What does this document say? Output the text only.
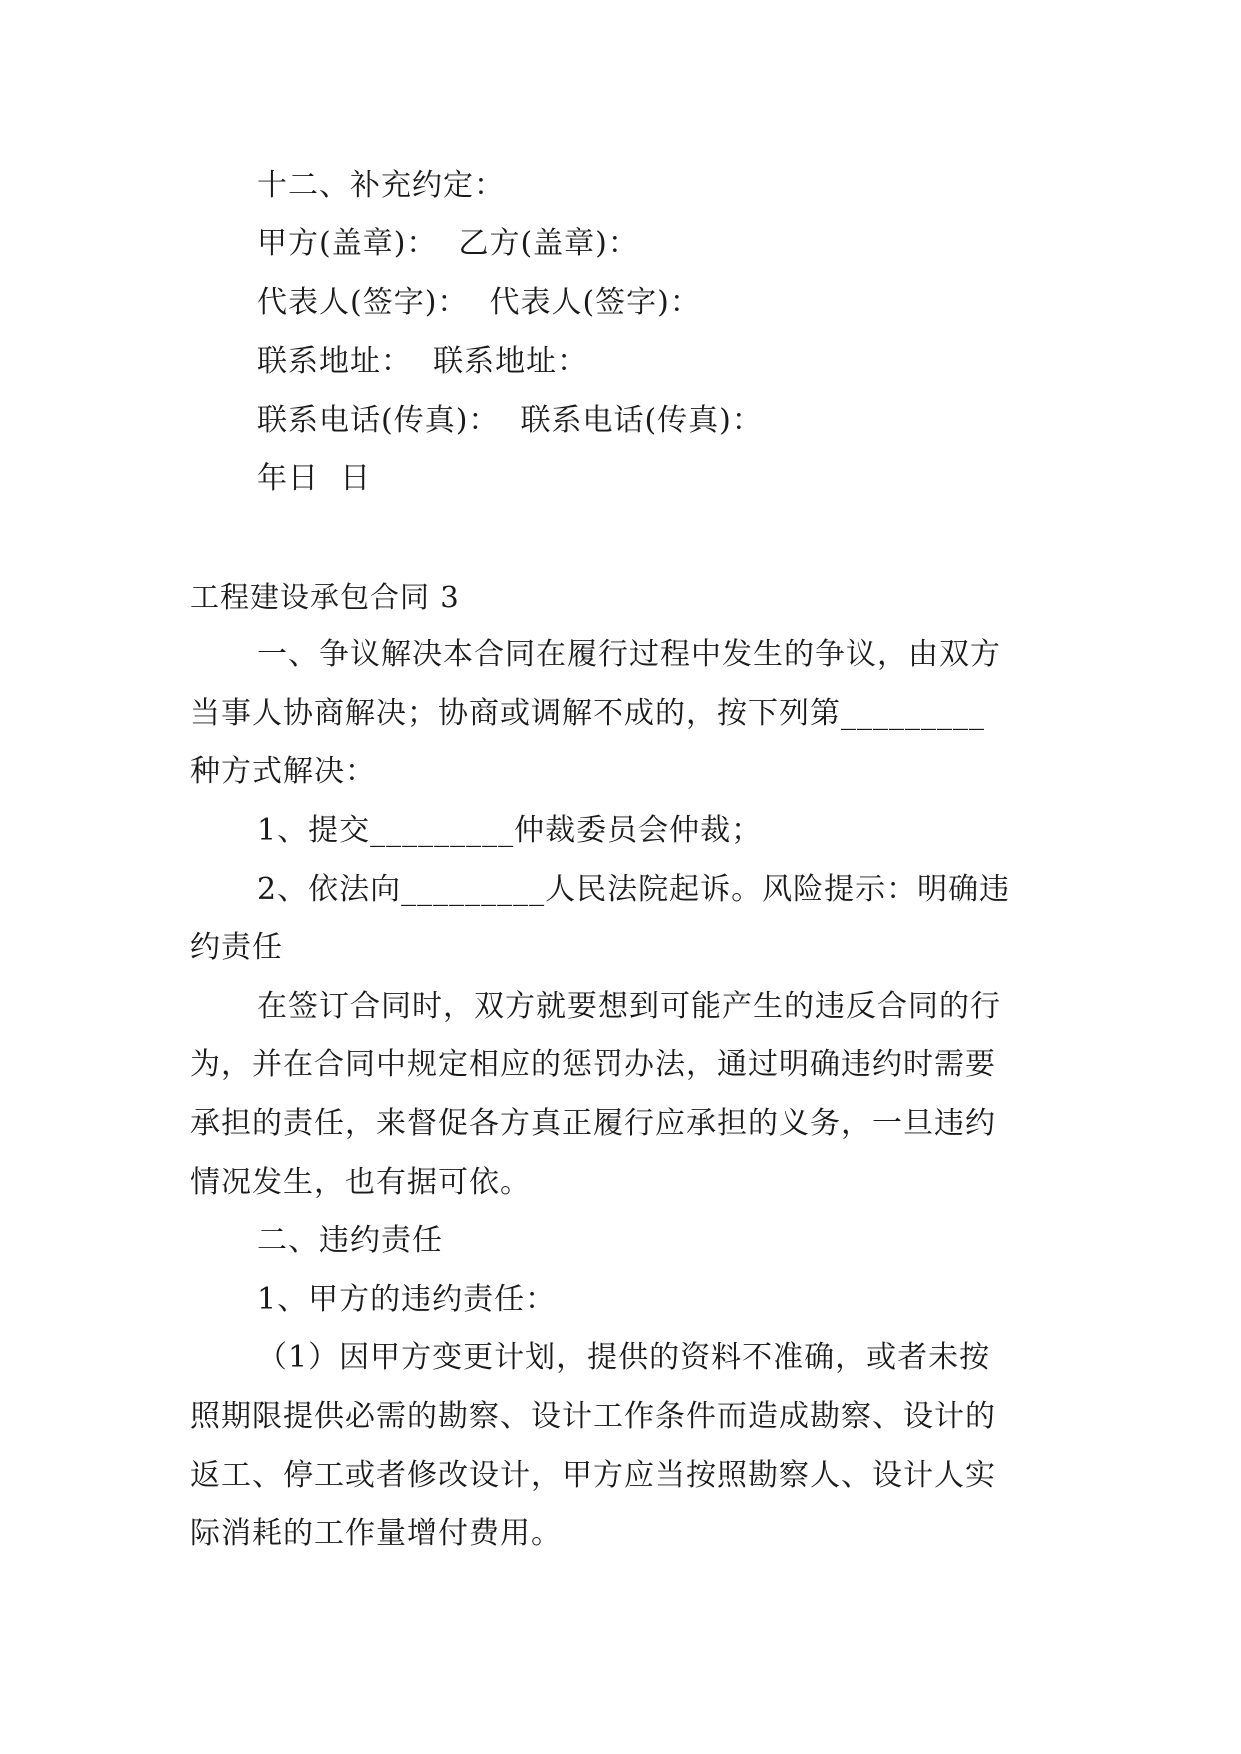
十二、补充约定：
甲方(盖章)：  乙方(盖章)：
代表人(签字)：  代表人(签字)：
联系地址：  联系地址：
联系电话(传真)：  联系电话(传真)：
年日  日
工程建设承包合同 3
一、争议解决本合同在履行过程中发生的争议，由双方
当事人协商解决；协商或调解不成的，按下列第_________
种方式解决：
1、提交_________仲裁委员会仲裁；
2、依法向_________人民法院起诉。风险提示：明确违
约责任
在签订合同时，双方就要想到可能产生的违反合同的行
为，并在合同中规定相应的惩罚办法，通过明确违约时需要
承担的责任，来督促各方真正履行应承担的义务，一旦违约
情况发生，也有据可依。
二、违约责任
1、甲方的违约责任：
（1）因甲方变更计划，提供的资料不准确，或者未按
照期限提供必需的勘察、设计工作条件而造成勘察、设计的
返工、停工或者修改设计，甲方应当按照勘察人、设计人实
际消耗的工作量增付费用。
